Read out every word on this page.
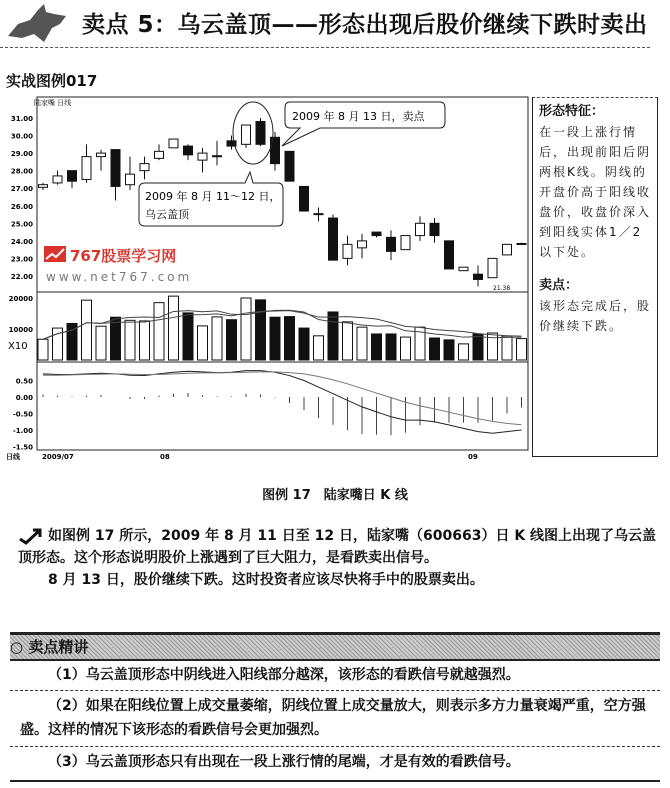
卖点 5：乌云盖顶——形态出现后股价继续下跌时卖出
实战图例017
31.00
30.00
29.00
28.00
27.00
26.00
25.00
24.00
23.00
22.00
20000
10000
0.50
0.00
-0.50
-1.00
-1.50
日线	2009/07	08	09
陆家嘴 日线
X10
21.38
767股票学习网
www.net767.com
2009 年 8 月 13 日，卖点
2009 年 8 月 11～12 日，
乌云盖顶
形态特征：
在一段上涨行情后，出现前阳后阴两根K线。阴线的开盘价高于阳线收盘价，收盘价深入到阳线实体1／2以下处。
卖点：
该形态完成后，股价继续下跌。
图例 17　陆家嘴日 K 线
如图例 17 所示，2009 年 8 月 11 日至 12 日，陆家嘴（600663）日 K 线图上出现了乌云盖顶形态。这个形态说明股价上涨遇到了巨大阻力，是看跌卖出信号。
8 月 13 日，股价继续下跌。这时投资者应该尽快将手中的股票卖出。
○ 卖点精讲
（1）乌云盖顶形态中阴线进入阳线部分越深，该形态的看跌信号就越强烈。
（2）如果在阳线位置上成交量萎缩，阴线位置上成交量放大，则表示多方力量衰竭严重，空方强盛。这样的情况下该形态的看跌信号会更加强烈。
（3）乌云盖顶形态只有出现在一段上涨行情的尾端，才是有效的看跌信号。
